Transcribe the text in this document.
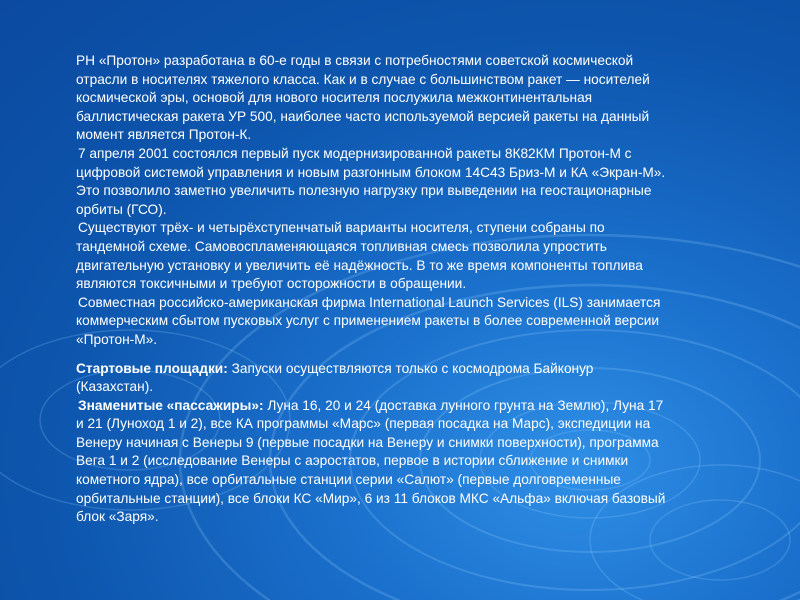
РН «Протон» разработана в 60-е годы в связи с потребностями советской космической
отрасли в носителях тяжелого класса. Как и в случае с большинством ракет — носителей
космической эры, основой для нового носителя послужила межконтинентальная
баллистическая ракета УР 500, наиболее часто используемой версией ракеты на данный
момент является Протон-К.
7 апреля 2001 состоялся первый пуск модернизированной ракеты 8К82КМ Протон-М с
цифровой системой управления и новым разгонным блоком 14С43 Бриз-М и КА «Экран-М».
Это позволило заметно увеличить полезную нагрузку при выведении на геостационарные
орбиты (ГСО).
Существуют трёх- и четырёхступенчатый варианты носителя, ступени собраны по
тандемной схеме. Самовоспламеняющаяся топливная смесь позволила упростить
двигательную установку и увеличить её надёжность. В то же время компоненты топлива
являются токсичными и требуют осторожности в обращении.
Совместная российско-американская фирма International Launch Services (ILS) занимается
коммерческим сбытом пусковых услуг с применением ракеты в более современной версии
«Протон-М».
Стартовые площадки: Запуски осуществляются только с космодрома Байконур
(Казахстан).
Знаменитые «пассажиры»: Луна 16, 20 и 24 (доставка лунного грунта на Землю), Луна 17
и 21 (Луноход 1 и 2), все КА программы «Марс» (первая посадка на Марс), экспедиции на
Венеру начиная с Венеры 9 (первые посадки на Венеру и снимки поверхности), программа
Вега 1 и 2 (исследование Венеры с аэростатов, первое в истории сближение и снимки
кометного ядра), все орбитальные станции серии «Салют» (первые долговременные
орбитальные станции), все блоки КС «Мир», 6 из 11 блоков МКС «Альфа» включая базовый
блок «Заря».
